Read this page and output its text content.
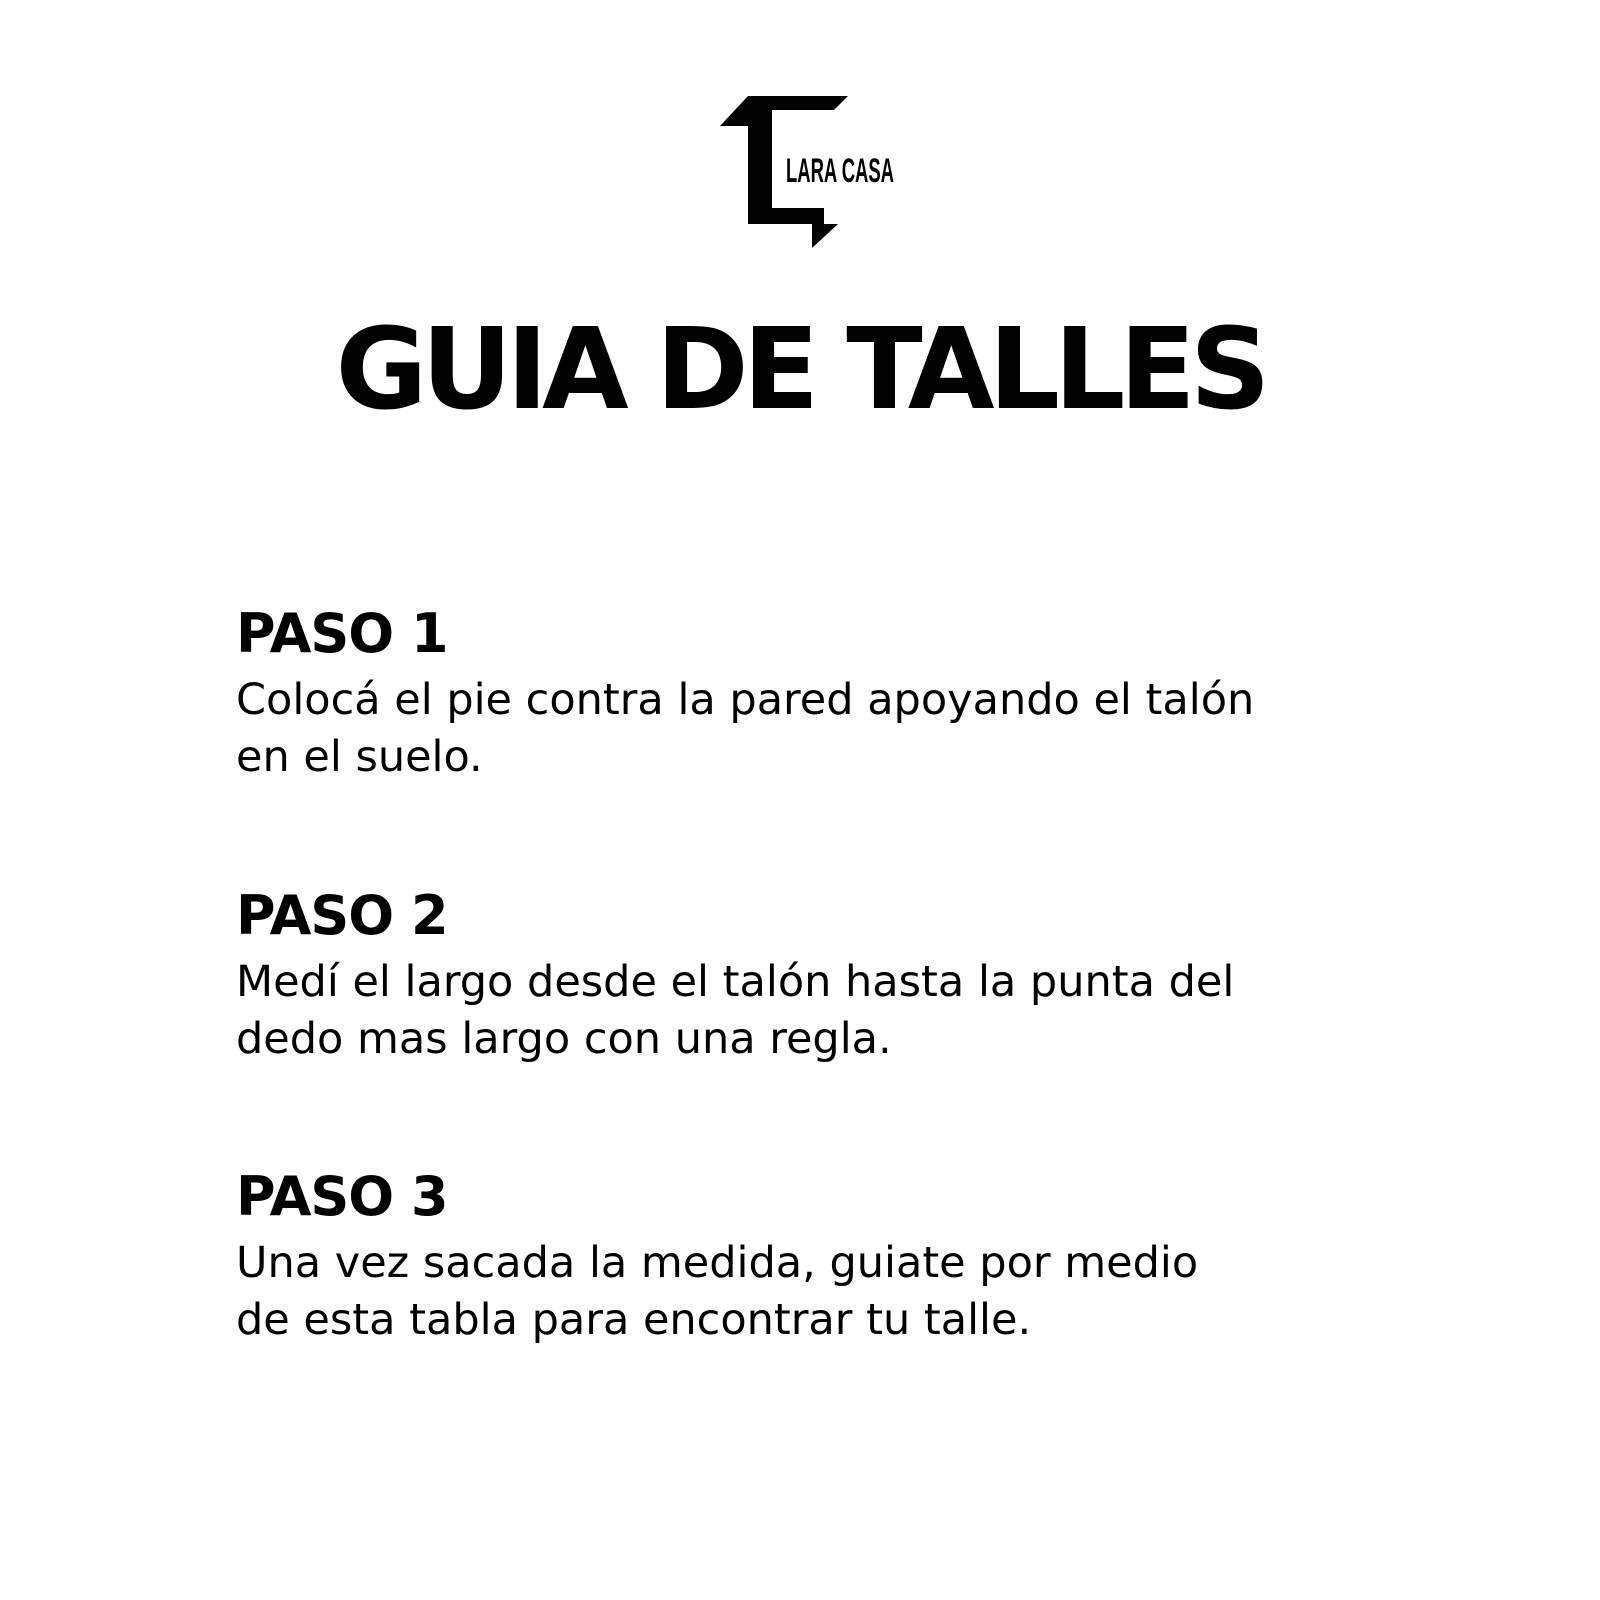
LARA CASA
GUIA DE TALLES
PASO 1

Colocá el pie contra la pared apoyando el talón
en el suelo.

PASO 2

Medí el largo desde el talón hasta la punta del
dedo mas largo con una regla.

PASO 3

Una vez sacada la medida, guiate por medio
de esta tabla para encontrar tu talle.
